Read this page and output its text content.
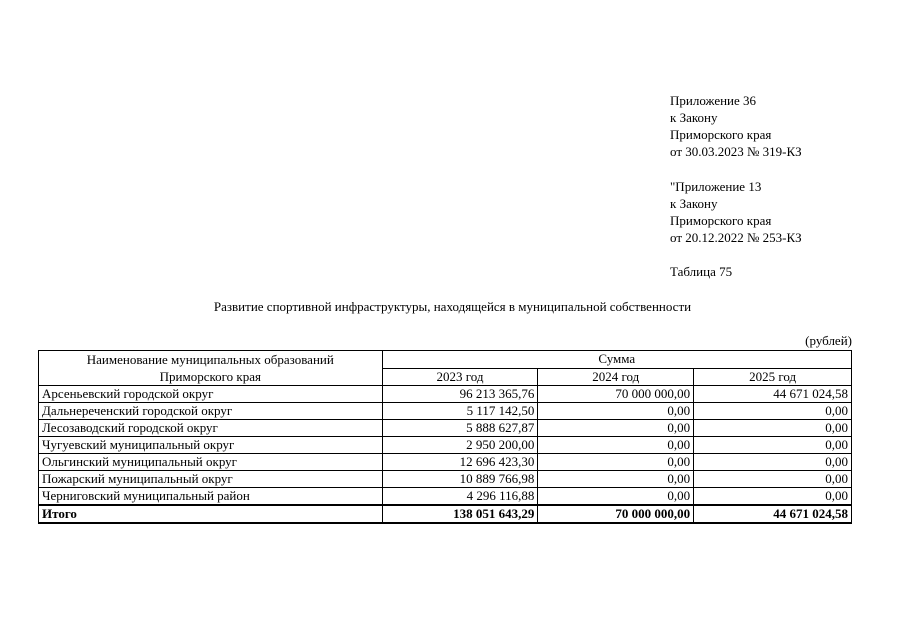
Приложение 36
к Закону
Приморского края
от 30.03.2023 № 319-КЗ
"Приложение 13
к Закону
Приморского края
от 20.12.2022 № 253-КЗ
Таблица 75
Развитие спортивной инфраструктуры, находящейся в муниципальной собственности
(рублей)
Наименование муниципальных образований
Приморского края	Сумма		
	2023 год	2024 год	2025 год
Арсеньевский городской округ	96 213 365,76	70 000 000,00	44 671 024,58
Дальнереченский городской округ	5 117 142,50	0,00	0,00
Лесозаводский городской округ	5 888 627,87	0,00	0,00
Чугуевский муниципальный округ	2 950 200,00	0,00	0,00
Ольгинский муниципальный округ	12 696 423,30	0,00	0,00
Пожарский муниципальный округ	10 889 766,98	0,00	0,00
Черниговский муниципальный район	4 296 116,88	0,00	0,00
Итого	138 051 643,29	70 000 000,00	44 671 024,58
